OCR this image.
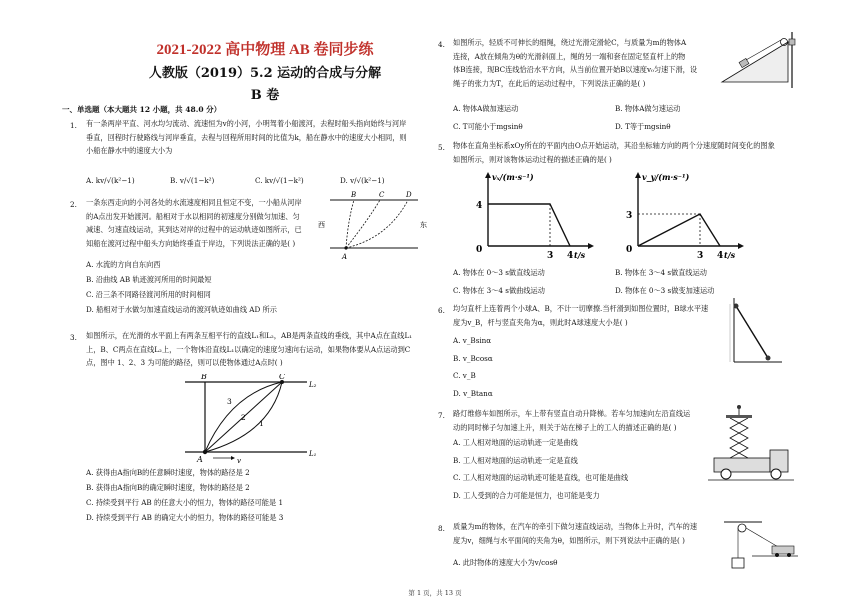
2021-2022 高中物理 AB 卷同步练
人教版（2019）5.2 运动的合成与分解
B 卷
一、单选题（本大题共 12 小题，共 48.0 分）
1. 有一条两岸平直、河水均匀流动、流速恒为v的小河，小明驾着小船渡河，去程时船头指向始终与河岸
垂直，回程时行驶路线与河岸垂直，去程与回程所用时间的比值为k，船在静水中的速度大小相同，则
小船在静水中的速度大小为
A. kv/√(k²−1)	B. v/√(1−k²)	C. kv/√(1−k²)	D. v/√(k²−1)
2. 一条东西走向的小河各处的水流速度相同且恒定不变，一小船从河岸
的A点出发开始渡河。船相对于水以相同的初速度分别做匀加速、匀
减速、匀速直线运动，其到达对岸的过程中的运动轨迹如图所示，已
知船在渡河过程中船头方向始终垂直于岸边，下列说法正确的是( )
B	C	D
A
西	东
A. 水流的方向自东向西
B. 沿曲线 AB 轨迹渡河所用的时间最短
C. 沿三条不同路径渡河所用的时间相同
D. 船相对于水做匀加速直线运动的渡河轨迹如曲线 AD 所示
3. 如图所示，在光滑的水平面上有两条互相平行的直线L₁和L₂，AB是两条直线的垂线，其中A点在直线L₁
上，B、C两点在直线L₂上，一个物体沿直线L₁以确定的速度匀速向右运动，如果物体要从A点运动到C
点，图中 1、2、3 为可能的路径，则可以使物体通过A点时( )
B	C
A
L₂
L₁
1
2
3
v
A. 获得由A指向B的任意瞬时速度，物体的路径是 2
B. 获得由A指向B的确定瞬时速度，物体的路径是 2
C. 持续受到平行 AB 的任意大小的恒力，物体的路径可能是 1
D. 持续受到平行 AB 的确定大小的恒力，物体的路径可能是 3
4. 如图所示，轻质不可伸长的细绳，绕过光滑定滑轮C，与质量为m的物体A
连接，A放在倾角为θ的光滑斜面上，绳的另一端和套在固定竖直杆上的物
体B连接，现BC连线恰沿水平方向，从当前位置开始B以速度v₀匀速下滑，设
绳子的张力为T，在此后的运动过程中，下列说法正确的是( )
A. 物体A做加速运动	B. 物体A做匀速运动
C. T可能小于mgsinθ	D. T等于mgsinθ
5. 物体在直角坐标系xOy所在的平面内由O点开始运动，其沿坐标轴方向的两个分速度随时间变化的图象
如图所示，则对该物体运动过程的描述正确的是( )
vₓ/(m·s⁻¹)
4
0
3 4 t/s
v_y/(m·s⁻¹)
3
0
3 4 t/s
A. 物体在 0～3 s做直线运动	B. 物体在 3～4 s做直线运动
C. 物体在 3～4 s做曲线运动	D. 物体在 0～3 s做变加速运动
6. 均匀直杆上连着两个小球A、B，不计一切摩擦.当杆滑到如图位置时，B球水平速
度为v_B，杆与竖直夹角为α，则此时A球速度大小是( )
A. v_Bsinα
B. v_Bcosα
C. v_B
D. v_Btanα
7. 路灯维修车如图所示，车上带有竖直自动升降梯。若车匀加速向左沿直线运
动的同时梯子匀加速上升，则关于站在梯子上的工人的描述正确的是( )
A. 工人相对地面的运动轨迹一定是曲线
B. 工人相对地面的运动轨迹一定是直线
C. 工人相对地面的运动轨迹可能是直线，也可能是曲线
D. 工人受到的合力可能是恒力，也可能是变力
8. 质量为m的物体，在汽车的牵引下做匀速直线运动，当物体上升时，汽车的速
度为v，细绳与水平面间的夹角为θ，如图所示，则下列说法中正确的是( )
A. 此时物体的速度大小为v/cosθ
第 1 页，共 13 页
